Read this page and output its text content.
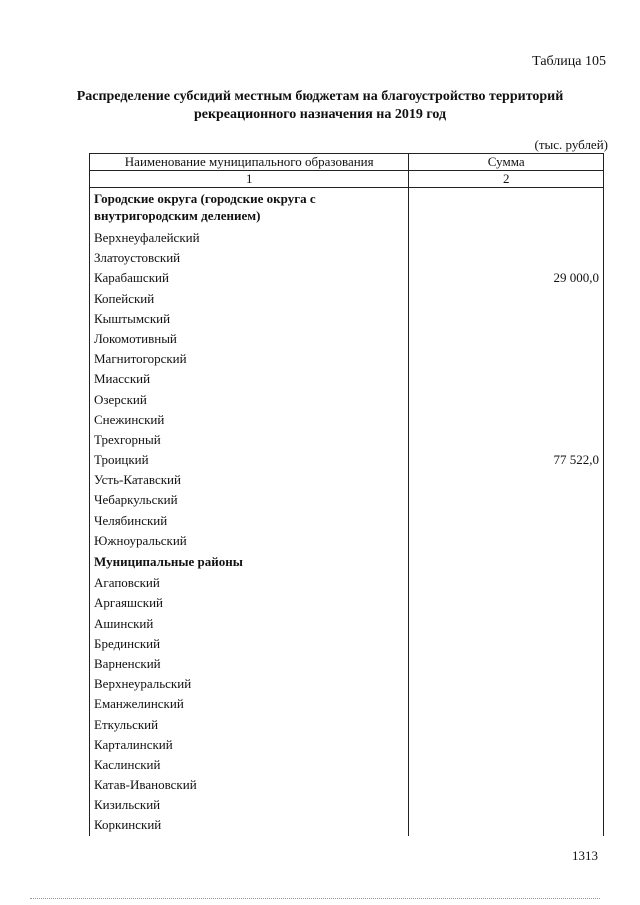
Таблица 105
Распределение субсидий местным бюджетам на благоустройство территорий
рекреационного назначения на 2019 год
(тыс. рублей)
Наименование муниципального образования	Сумма
1	2
Городские округа (городские округа с внутригородским делением)	
Верхнеуфалейский	
Златоустовский	
Карабашский	29 000,0
Копейский	
Кыштымский	
Локомотивный	
Магнитогорский	
Миасский	
Озерский	
Снежинский	
Трехгорный	
Троицкий	77 522,0
Усть-Катавский	
Чебаркульский	
Челябинский	
Южноуральский	
Муниципальные районы	
Агаповский	
Аргаяшский	
Ашинский	
Брединский	
Варненский	
Верхнеуральский	
Еманжелинский	
Еткульский	
Карталинский	
Каслинский	
Катав-Ивановский	
Кизильский	
Коркинский	
1313
